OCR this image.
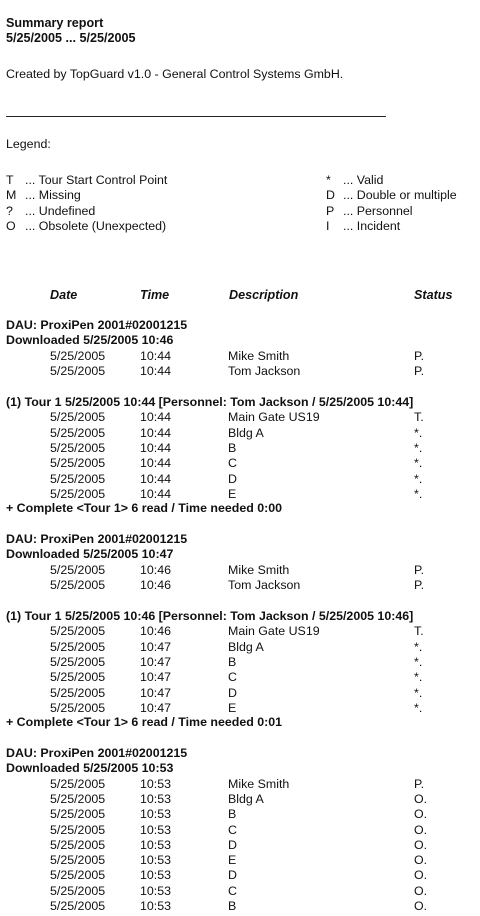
Summary report
5/25/2005 ... 5/25/2005
Created by TopGuard v1.0 - General Control Systems GmbH.
Legend:
T ... Tour Start Control Point
M ... Missing
? ... Undefined
O ... Obsolete (Unexpected)
* ... Valid
D ... Double or multiple
P ... Personnel
I ... Incident
Date	Time	Description	Status
DAU: ProxiPen 2001#02001215
Downloaded 5/25/2005 10:46
5/25/2005	10:44	Mike Smith	P.
5/25/2005	10:44	Tom Jackson	P.
(1) Tour 1 5/25/2005 10:44 [Personnel: Tom Jackson / 5/25/2005 10:44]
5/25/2005	10:44	Main Gate US19	T.
5/25/2005	10:44	Bldg A	*.
5/25/2005	10:44	B	*.
5/25/2005	10:44	C	*.
5/25/2005	10:44	D	*.
5/25/2005	10:44	E	*.
+ Complete <Tour 1> 6 read / Time needed 0:00
DAU: ProxiPen 2001#02001215
Downloaded 5/25/2005 10:47
5/25/2005	10:46	Mike Smith	P.
5/25/2005	10:46	Tom Jackson	P.
(1) Tour 1 5/25/2005 10:46 [Personnel: Tom Jackson / 5/25/2005 10:46]
5/25/2005	10:46	Main Gate US19	T.
5/25/2005	10:47	Bldg A	*.
5/25/2005	10:47	B	*.
5/25/2005	10:47	C	*.
5/25/2005	10:47	D	*.
5/25/2005	10:47	E	*.
+ Complete <Tour 1> 6 read / Time needed 0:01
DAU: ProxiPen 2001#02001215
Downloaded 5/25/2005 10:53
5/25/2005	10:53	Mike Smith	P.
5/25/2005	10:53	Bldg A	O.
5/25/2005	10:53	B	O.
5/25/2005	10:53	C	O.
5/25/2005	10:53	D	O.
5/25/2005	10:53	E	O.
5/25/2005	10:53	D	O.
5/25/2005	10:53	C	O.
5/25/2005	10:53	B	O.
